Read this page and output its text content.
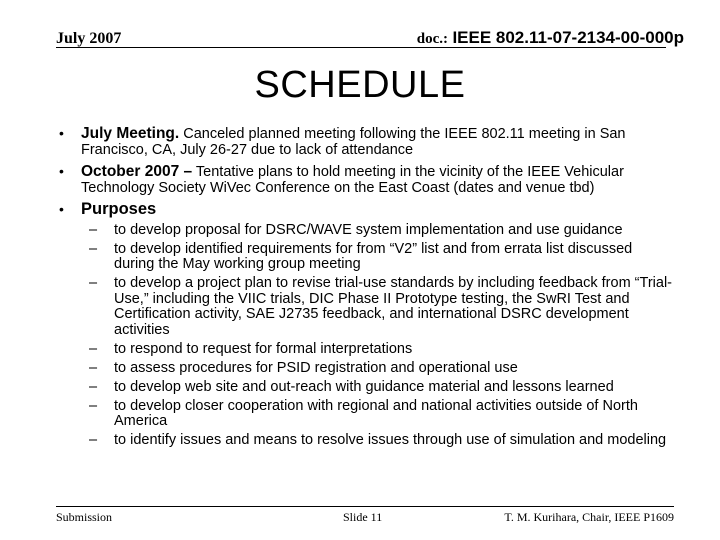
July 2007	doc.: IEEE 802.11-07-2134-00-000p
SCHEDULE
• July Meeting. Canceled planned meeting following the IEEE 802.11 meeting in San Francisco, CA, July 26-27 due to lack of attendance
• October 2007 – Tentative plans to hold meeting in the vicinity of the IEEE Vehicular Technology Society WiVec Conference on the East Coast (dates and venue tbd)
• Purposes
– to develop proposal for DSRC/WAVE system implementation and use guidance
– to develop identified requirements for from “V2” list and from errata list discussed during the May working group meeting
– to develop a project plan to revise trial-use standards by including feedback from “Trial-Use,” including the VIIC trials, DIC Phase II Prototype testing, the SwRI Test and Certification activity, SAE J2735 feedback, and international DSRC development activities
– to respond to request for formal interpretations
– to assess procedures for PSID registration and operational use
– to develop web site and out-reach with guidance material and lessons learned
– to develop closer cooperation with regional and national activities outside of North America
– to identify issues and means to resolve issues through use of simulation and modeling
Submission	Slide 11	T. M. Kurihara, Chair, IEEE P1609
